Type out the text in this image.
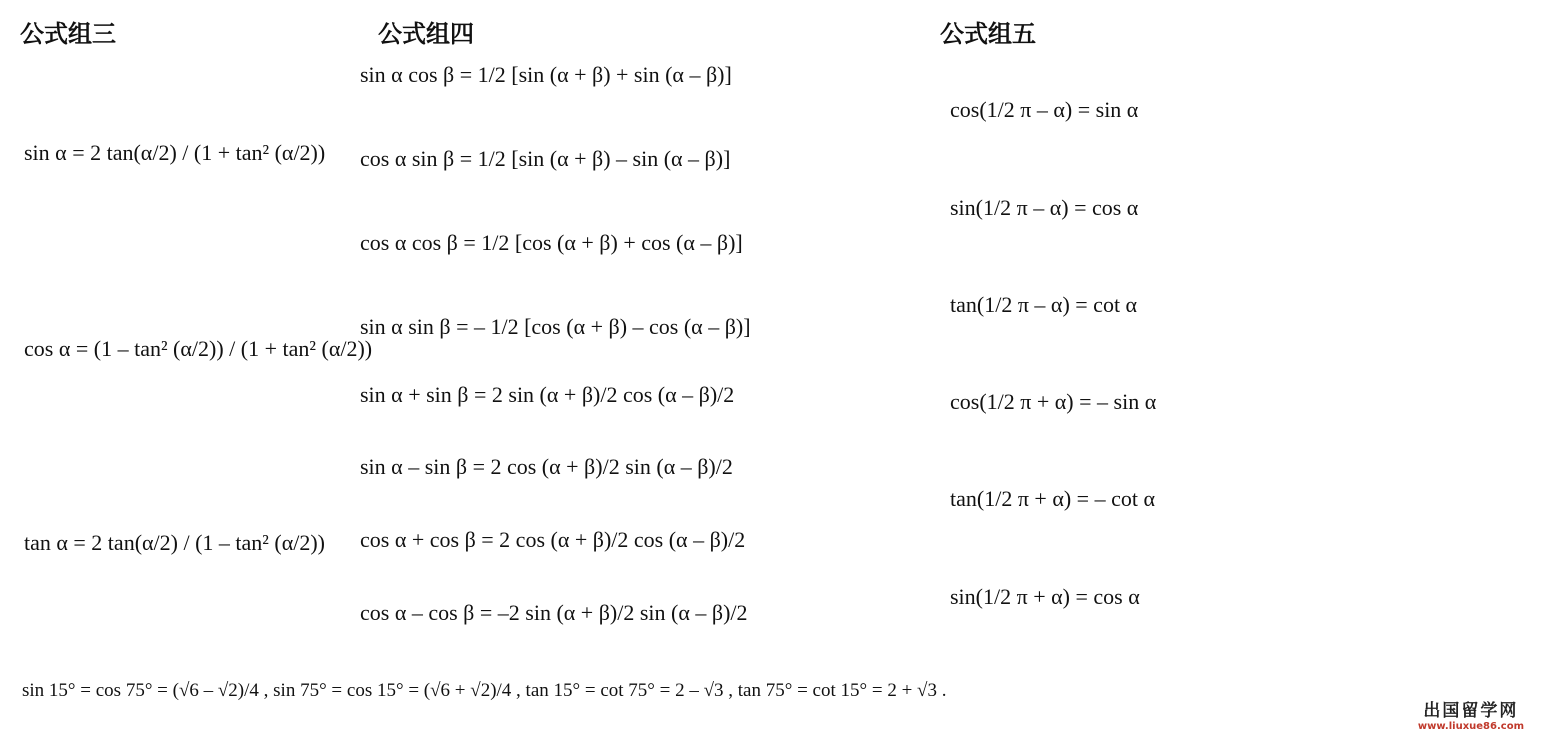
公式组三	公式组四	公式组五
sin α = 2 tan(α/2) / (1 + tan² (α/2))
cos α = (1 – tan² (α/2)) / (1 + tan² (α/2))
tan α = 2 tan(α/2) / (1 – tan² (α/2))
sin α cos β = 1/2 [sin (α + β) + sin (α – β)]
cos α sin β = 1/2 [sin (α + β) – sin (α – β)]
cos α cos β = 1/2 [cos (α + β) + cos (α – β)]
sin α sin β = – 1/2 [cos (α + β) – cos (α – β)]
sin α + sin β = 2 sin (α + β)/2 cos (α – β)/2
sin α – sin β = 2 cos (α + β)/2 sin (α – β)/2
cos α + cos β = 2 cos (α + β)/2 cos (α – β)/2
cos α – cos β = –2 sin (α + β)/2 sin (α – β)/2
cos(1/2 π – α) = sin α
sin(1/2 π – α) = cos α
tan(1/2 π – α) = cot α
cos(1/2 π + α) = – sin α
tan(1/2 π + α) = – cot α
sin(1/2 π + α) = cos α
sin 15° = cos 75° = (√6 – √2)/4 , sin 75° = cos 15° = (√6 + √2)/4 , tan 15° = cot 75° = 2 – √3 , tan 75° = cot 15° = 2 + √3 .
出国留学网
www.liuxue86.com
